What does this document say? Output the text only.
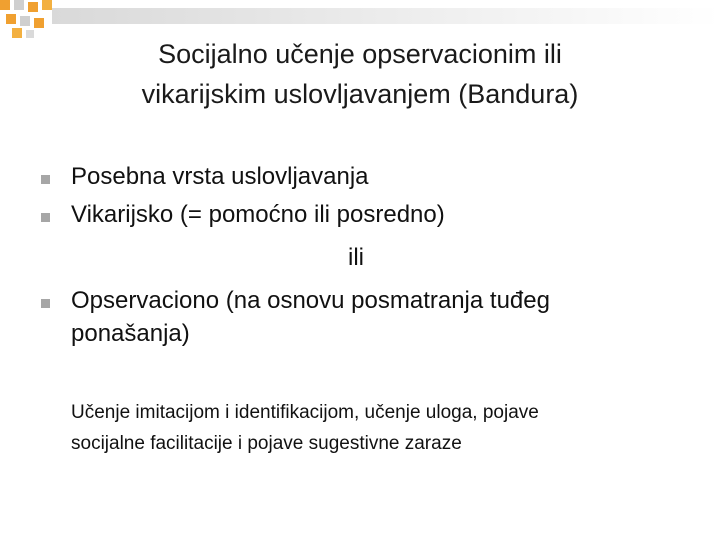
Socijalno učenje opservacionim ili
vikarijskim uslovljavanjem (Bandura)
Posebna vrsta uslovljavanja
Vikarijsko (= pomoćno ili posredno)
ili
Opservaciono (na osnovu posmatranja tuđeg
ponašanja)
Učenje imitacijom i identifikacijom, učenje uloga, pojave
socijalne facilitacije i pojave sugestivne zaraze
